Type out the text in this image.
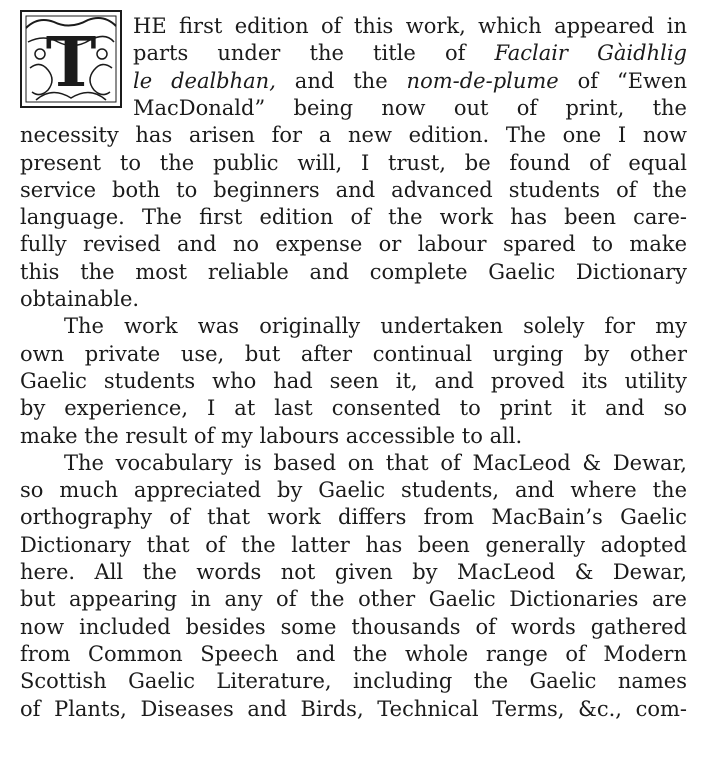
T HE first edition of this work, which appeared in
parts under the title of Faclair Gàidhlig
le dealbhan, and the nom-de-plume of “Ewen
MacDonald” being now out of print, the
necessity has arisen for a new edition. The one I now
present to the public will, I trust, be found of equal
service both to beginners and advanced students of the
language. The first edition of the work has been care-
fully revised and no expense or labour spared to make
this the most reliable and complete Gaelic Dictionary
obtainable.
The work was originally undertaken solely for my
own private use, but after continual urging by other
Gaelic students who had seen it, and proved its utility
by experience, I at last consented to print it and so
make the result of my labours accessible to all.
The vocabulary is based on that of MacLeod & Dewar,
so much appreciated by Gaelic students, and where the
orthography of that work differs from MacBain’s Gaelic
Dictionary that of the latter has been generally adopted
here. All the words not given by MacLeod & Dewar,
but appearing in any of the other Gaelic Dictionaries are
now included besides some thousands of words gathered
from Common Speech and the whole range of Modern
Scottish Gaelic Literature, including the Gaelic names
of Plants, Diseases and Birds, Technical Terms, &c., com-
